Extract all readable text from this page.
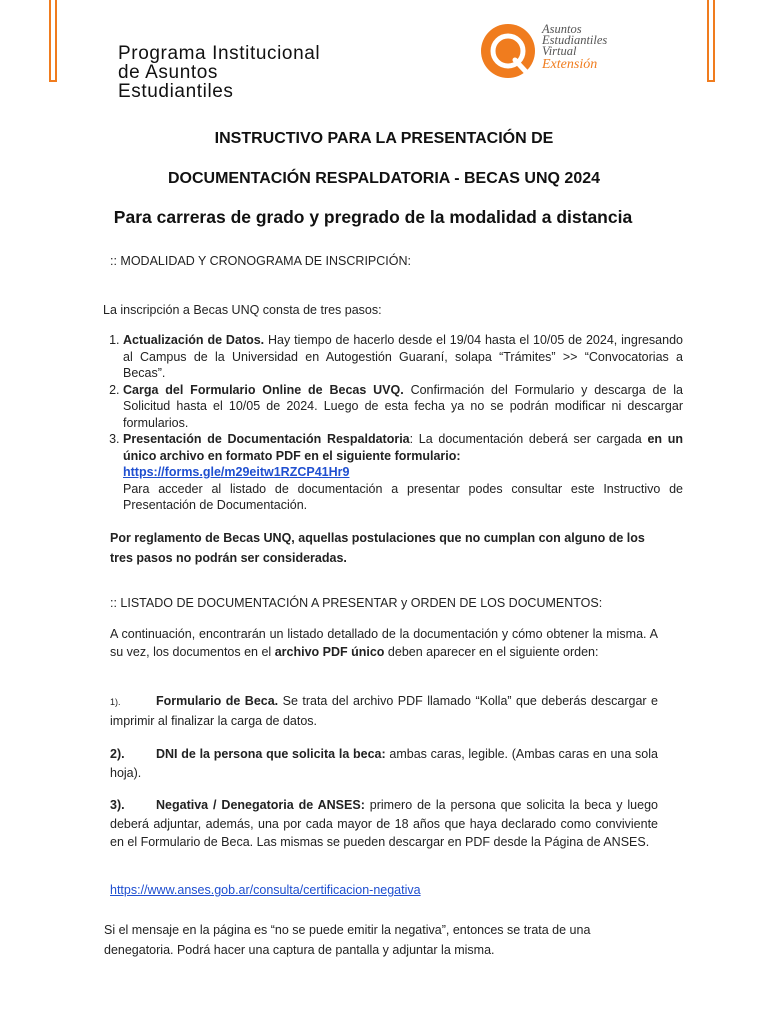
Programa Institucional
de Asuntos
Estudiantiles
Asuntos
Estudiantiles
Virtual
Extensión
INSTRUCTIVO PARA LA PRESENTACIÓN DE
DOCUMENTACIÓN RESPALDATORIA - BECAS UNQ 2024
Para carreras de grado y pregrado de la modalidad a distancia
:: MODALIDAD Y CRONOGRAMA DE INSCRIPCIÓN:
La inscripción a Becas UNQ consta de tres pasos:
1. Actualización de Datos. Hay tiempo de hacerlo desde el 19/04 hasta el 10/05 de 2024, ingresando al Campus de la Universidad en Autogestión Guaraní, solapa “Trámites” >> “Convocatorias a Becas”.
2. Carga del Formulario Online de Becas UVQ. Confirmación del Formulario y descarga de la Solicitud hasta el 10/05 de 2024. Luego de esta fecha ya no se podrán modificar ni descargar formularios.
3. Presentación de Documentación Respaldatoria: La documentación deberá ser cargada en un único archivo en formato PDF en el siguiente formulario:
https://forms.gle/m29eitw1RZCP41Hr9
Para acceder al listado de documentación a presentar podes consultar este Instructivo de Presentación de Documentación.
Por reglamento de Becas UNQ, aquellas postulaciones que no cumplan con alguno de los tres pasos no podrán ser consideradas.
:: LISTADO DE DOCUMENTACIÓN A PRESENTAR y ORDEN DE LOS DOCUMENTOS:
A continuación, encontrarán un listado detallado de la documentación y cómo obtener la misma. A su vez, los documentos en el archivo PDF único deben aparecer en el siguiente orden:
1).	Formulario de Beca. Se trata del archivo PDF llamado “Kolla” que deberás descargar e imprimir al finalizar la carga de datos.
2).	DNI de la persona que solicita la beca: ambas caras, legible. (Ambas caras en una sola hoja).
3).	Negativa / Denegatoria de ANSES: primero de la persona que solicita la beca y luego deberá adjuntar, además, una por cada mayor de 18 años que haya declarado como conviviente en el Formulario de Beca. Las mismas se pueden descargar en PDF desde la Página de ANSES.
https://www.anses.gob.ar/consulta/certificacion-negativa
Si el mensaje en la página es “no se puede emitir la negativa”, entonces se trata de una denegatoria. Podrá hacer una captura de pantalla y adjuntar la misma.
